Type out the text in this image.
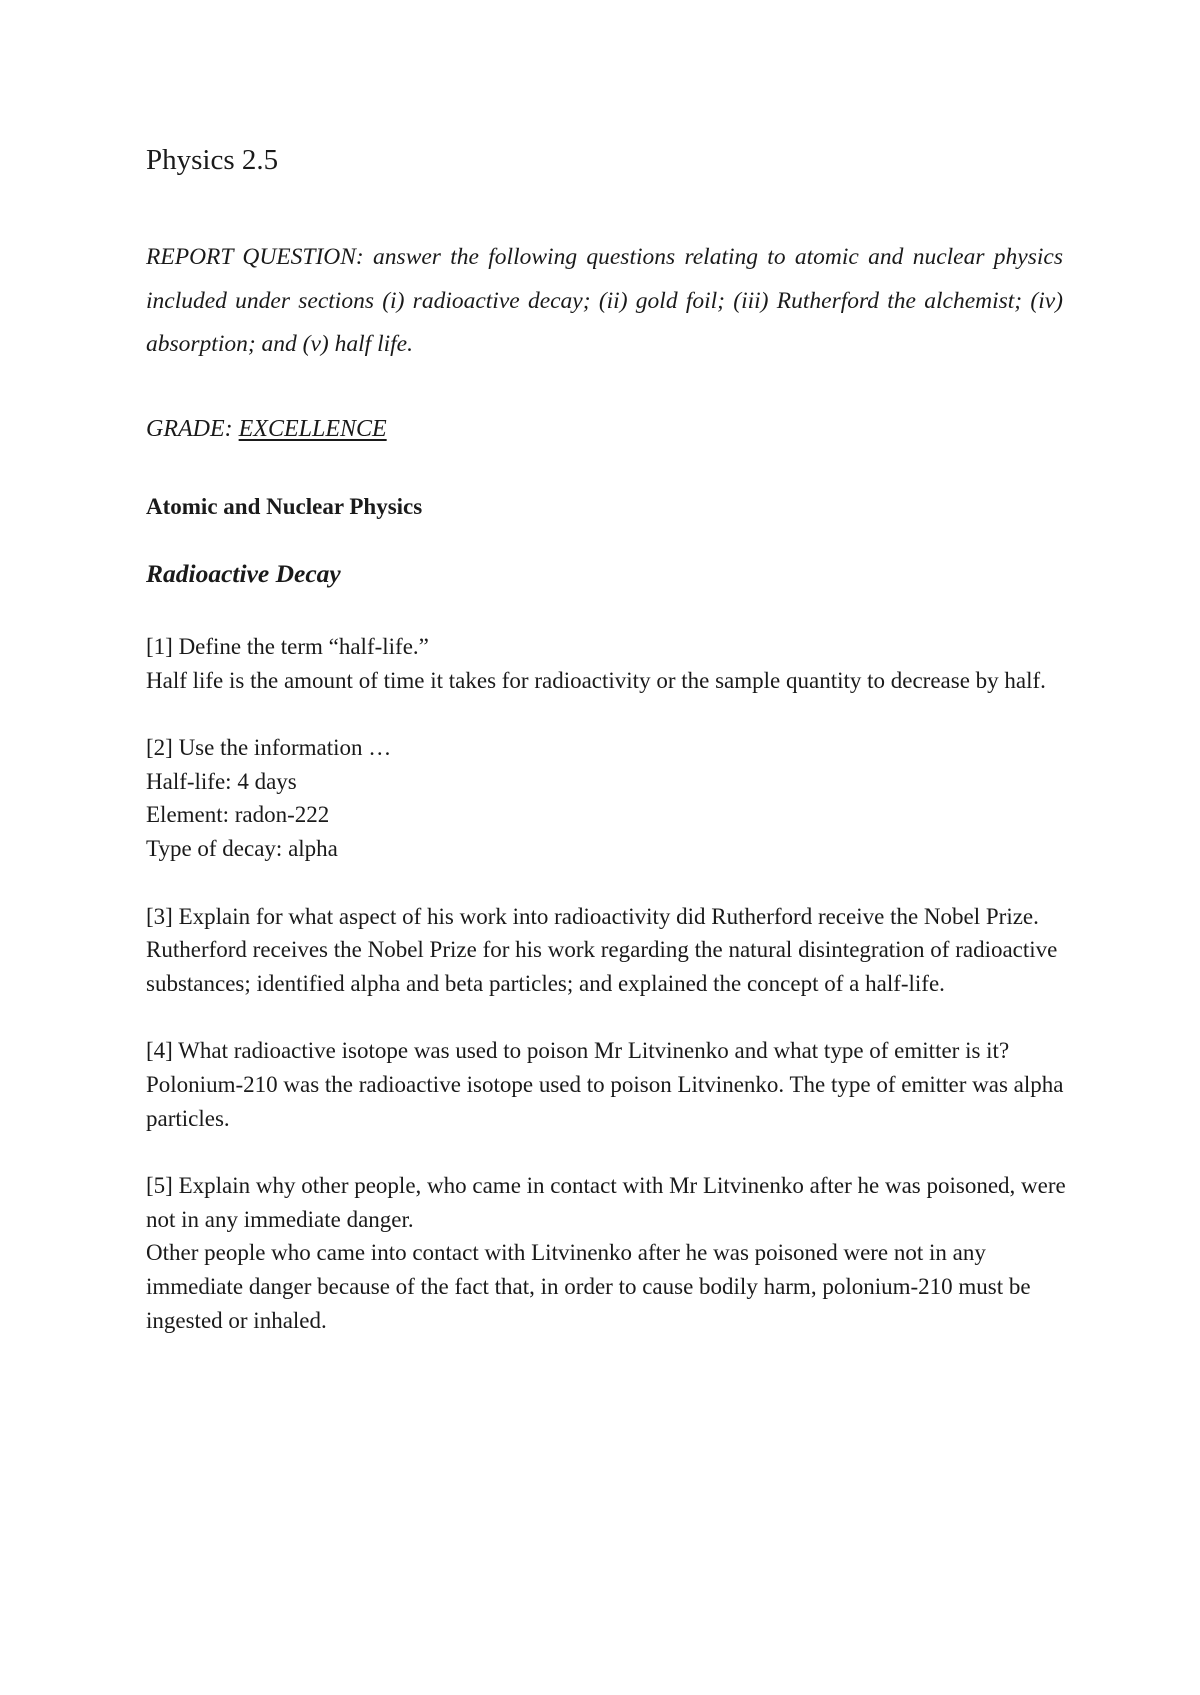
Physics 2.5

REPORT QUESTION: answer the following questions relating to atomic and nuclear physics included under sections (i) radioactive decay; (ii) gold foil; (iii) Rutherford the alchemist; (iv) absorption; and (v) half life.

GRADE: EXCELLENCE

Atomic and Nuclear Physics
Radioactive Decay

[1] Define the term “half-life.”

Half life is the amount of time it takes for radioactivity or the sample quantity to decrease by half.

[2] Use the information …

Half-life: 4 days

Element: radon-222

Type of decay: alpha

[3] Explain for what aspect of his work into radioactivity did Rutherford receive the Nobel Prize.

Rutherford receives the Nobel Prize for his work regarding the natural disintegration of radioactive substances; identified alpha and beta particles; and explained the concept of a half-life.

[4] What radioactive isotope was used to poison Mr Litvinenko and what type of emitter is it?

Polonium-210 was the radioactive isotope used to poison Litvinenko. The type of emitter was alpha particles.

[5] Explain why other people, who came in contact with Mr Litvinenko after he was poisoned, were not in any immediate danger.

Other people who came into contact with Litvinenko after he was poisoned were not in any immediate danger because of the fact that, in order to cause bodily harm, polonium-210 must be ingested or inhaled.
